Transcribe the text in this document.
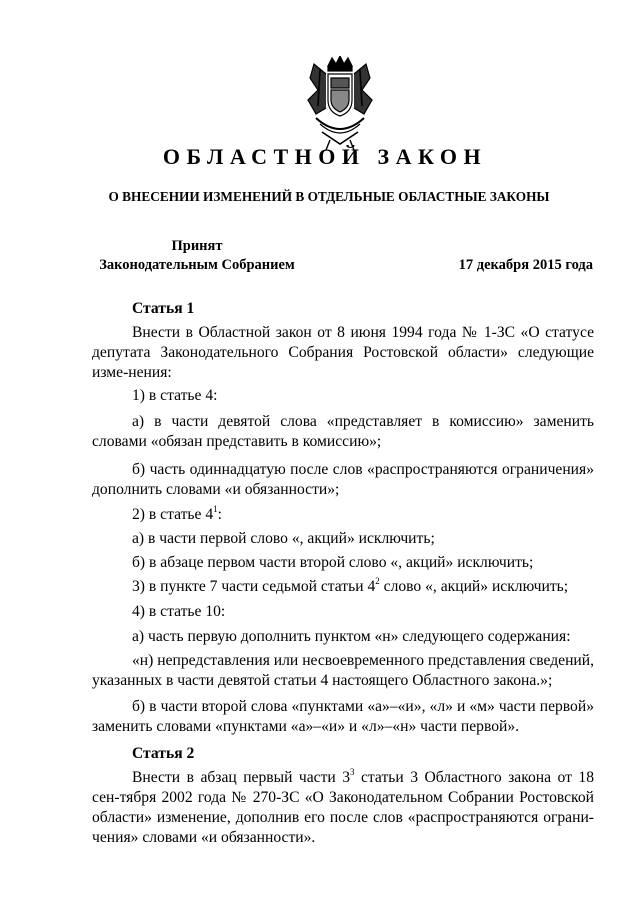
ОБЛАСТНОЙ ЗАКОН
О ВНЕСЕНИИ ИЗМЕНЕНИЙ В ОТДЕЛЬНЫЕ ОБЛАСТНЫЕ ЗАКОНЫ
Принят
Законодательным Собранием	17 декабря 2015 года
Статья 1
Внести в Областной закон от 8 июня 1994 года № 1-ЗС «О статусе депутата Законодательного Собрания Ростовской области» следующие изме-нения:
1) в статье 4:
а) в части девятой слова «представляет в комиссию» заменить словами «обязан представить в комиссию»;
б) часть одиннадцатую после слов «распространяются ограничения» дополнить словами «и обязанности»;
2) в статье $4^1$:
а) в части первой слово «, акций» исключить;
б) в абзаце первом части второй слово «, акций» исключить;
3) в пункте 7 части седьмой статьи $4^2$ слово «, акций» исключить;
4) в статье 10:
а) часть первую дополнить пунктом «н» следующего содержания:
«н) непредставления или несвоевременного представления сведений, указанных в части девятой статьи 4 настоящего Областного закона.»;
б) в части второй слова «пунктами «а»–«и», «л» и «м» части первой» заменить словами «пунктами «а»–«и» и «л»–«н» части первой».
Статья 2
Внести в абзац первый части $3^3$ статьи 3 Областного закона от 18 сен-тября 2002 года № 270-ЗС «О Законодательном Собрании Ростовской области» изменение, дополнив его после слов «распространяются ограни-чения» словами «и обязанности».
